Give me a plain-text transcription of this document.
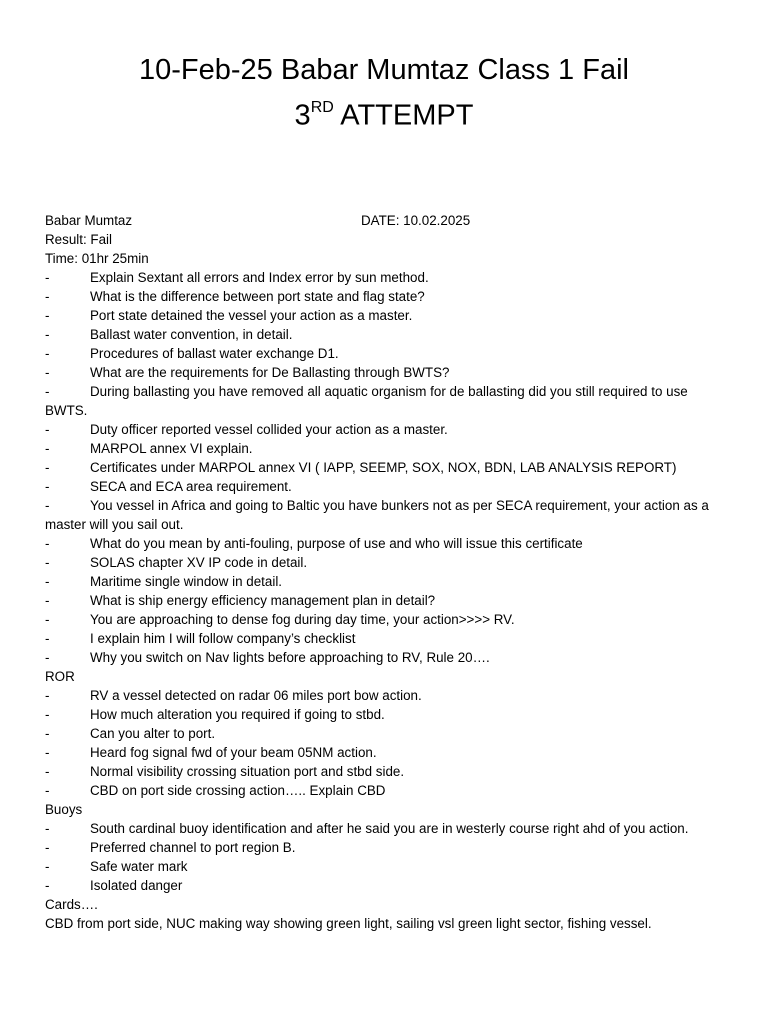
10-Feb-25 Babar Mumtaz Class 1 Fail
3RD ATTEMPT
Babar Mumtaz	DATE: 10.02.2025
Result: Fail
Time: 01hr 25min
-	Explain Sextant all errors and Index error by sun method.
-	What is the difference between port state and flag state?
-	Port state detained the vessel your action as a master.
-	Ballast water convention, in detail.
-	Procedures of ballast water exchange D1.
-	What are the requirements for De Ballasting through BWTS?
-	During ballasting you have removed all aquatic organism for de ballasting did you still required to use
BWTS.
-	Duty officer reported vessel collided your action as a master.
-	MARPOL annex VI explain.
-	Certificates under MARPOL annex VI ( IAPP, SEEMP, SOX, NOX, BDN, LAB ANALYSIS REPORT)
-	SECA and ECA area requirement.
-	You vessel in Africa and going to Baltic you have bunkers not as per SECA requirement, your action as a
master will you sail out.
-	What do you mean by anti-fouling, purpose of use and who will issue this certificate
-	SOLAS chapter XV IP code in detail.
-	Maritime single window in detail.
-	What is ship energy efficiency management plan in detail?
-	You are approaching to dense fog during day time, your action>>>> RV.
-	I explain him I will follow company’s checklist
-	Why you switch on Nav lights before approaching to RV, Rule 20….
ROR
-	RV a vessel detected on radar 06 miles port bow action.
-	How much alteration you required if going to stbd.
-	Can you alter to port.
-	Heard fog signal fwd of your beam 05NM action.
-	Normal visibility crossing situation port and stbd side.
-	CBD on port side crossing action….. Explain CBD
Buoys
-	South cardinal buoy identification and after he said you are in westerly course right ahd of you action.
-	Preferred channel to port region B.
-	Safe water mark
-	Isolated danger
Cards….
CBD from port side, NUC making way showing green light, sailing vsl green light sector, fishing vessel.
